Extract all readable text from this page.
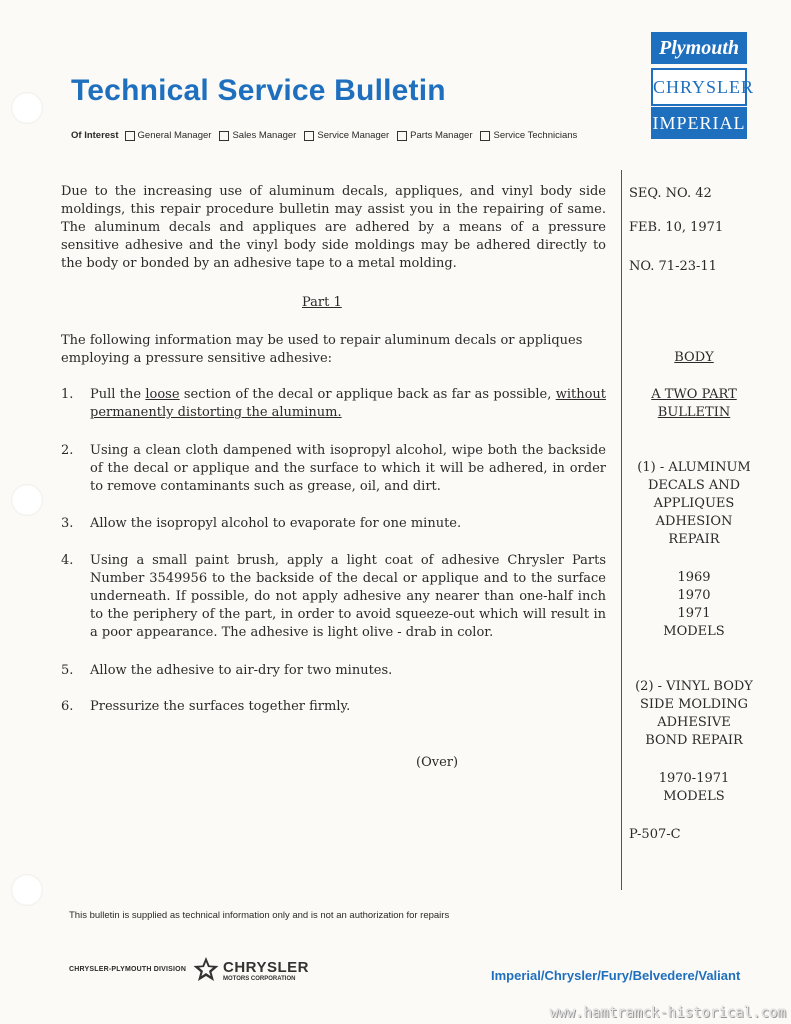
Technical Service Bulletin
Of Interest General Manager Sales Manager Service Manager Parts Manager Service Technicians
Plymouth
CHRYSLER
IMPERIAL
Due to the increasing use of aluminum decals, appliques, and vinyl body side moldings, this repair procedure bulletin may assist you in the repairing of same. The aluminum decals and appliques are adhered by a means of a pressure sensitive adhesive and the vinyl body side moldings may be adhered directly to the body or bonded by an adhesive tape to a metal molding.
Part 1
The following information may be used to repair aluminum decals or appliques employing a pressure sensitive adhesive:
1.	Pull the loose section of the decal or applique back as far as possible, without permanently distorting the aluminum.
2.	Using a clean cloth dampened with isopropyl alcohol, wipe both the backside of the decal or applique and the surface to which it will be adhered, in order to remove contaminants such as grease, oil, and dirt.
3.	Allow the isopropyl alcohol to evaporate for one minute.
4.	Using a small paint brush, apply a light coat of adhesive Chrysler Parts Number 3549956 to the backside of the decal or applique and to the surface underneath. If possible, do not apply adhesive any nearer than one-half inch to the periphery of the part, in order to avoid squeeze-out which will result in a poor appearance. The adhesive is light olive - drab in color.
5.	Allow the adhesive to air-dry for two minutes.
6.	Pressurize the surfaces together firmly.
(Over)
SEQ. NO. 42
FEB. 10, 1971
NO. 71-23-11
BODY
A TWO PART
BULLETIN
(1) - ALUMINUM
DECALS AND
APPLIQUES
ADHESION
REPAIR
1969
1970
1971
MODELS
(2) - VINYL BODY
SIDE MOLDING
ADHESIVE
BOND REPAIR
1970-1971
MODELS
P-507-C
This bulletin is supplied as technical information only and is not an authorization for repairs
CHRYSLER-PLYMOUTH DIVISION CHRYSLER
MOTORS CORPORATION	Imperial/Chrysler/Fury/Belvedere/Valiant
www.hamtramck-historical.com
